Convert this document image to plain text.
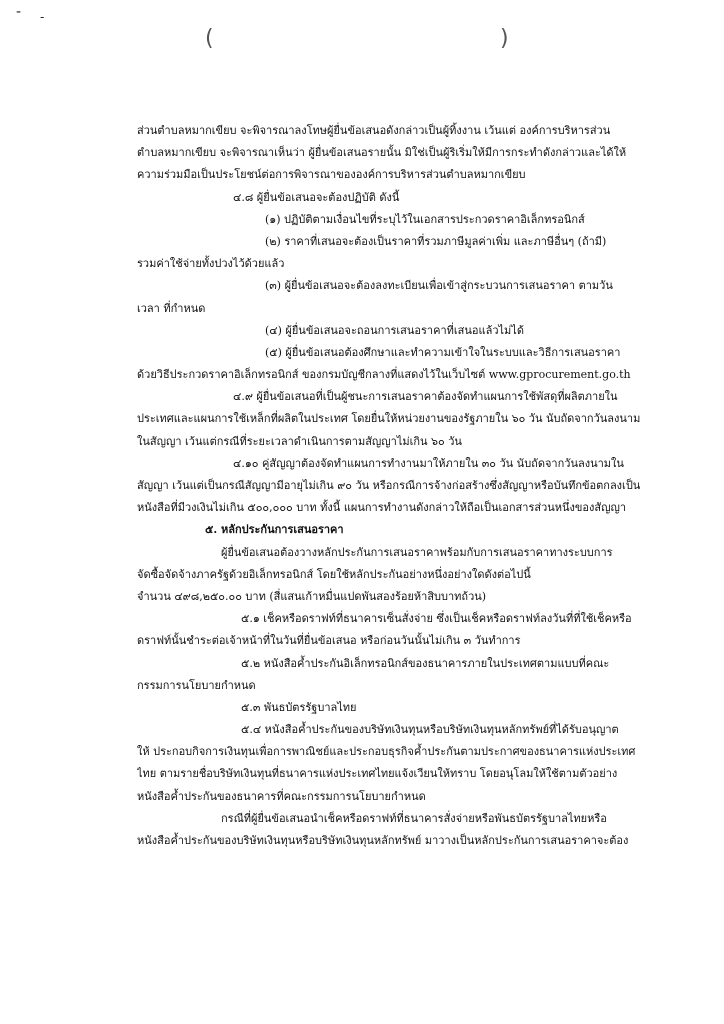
- -
(	)
ส่วนตำบลหมากเขียบ จะพิจารณาลงโทษผู้ยื่นข้อเสนอดังกล่าวเป็นผู้ทิ้งงาน เว้นแต่ องค์การบริหารส่วน
ตำบลหมากเขียบ จะพิจารณาเห็นว่า ผู้ยื่นข้อเสนอรายนั้น มิใช่เป็นผู้ริเริ่มให้มีการกระทำดังกล่าวและได้ให้
ความร่วมมือเป็นประโยชน์ต่อการพิจารณาขององค์การบริหารส่วนตำบลหมากเขียบ
๔.๘ ผู้ยื่นข้อเสนอจะต้องปฏิบัติ ดังนี้
(๑) ปฏิบัติตามเงื่อนไขที่ระบุไว้ในเอกสารประกวดราคาอิเล็กทรอนิกส์
(๒) ราคาที่เสนอจะต้องเป็นราคาที่รวมภาษีมูลค่าเพิ่ม และภาษีอื่นๆ (ถ้ามี)
รวมค่าใช้จ่ายทั้งปวงไว้ด้วยแล้ว
(๓) ผู้ยื่นข้อเสนอจะต้องลงทะเบียนเพื่อเข้าสู่กระบวนการเสนอราคา ตามวัน
เวลา ที่กำหนด
(๔) ผู้ยื่นข้อเสนอจะถอนการเสนอราคาที่เสนอแล้วไม่ได้
(๕) ผู้ยื่นข้อเสนอต้องศึกษาและทำความเข้าใจในระบบและวิธีการเสนอราคา
ด้วยวิธีประกวดราคาอิเล็กทรอนิกส์ ของกรมบัญชีกลางที่แสดงไว้ในเว็บไซต์ www.gprocurement.go.th
๔.๙ ผู้ยื่นข้อเสนอที่เป็นผู้ชนะการเสนอราคาต้องจัดทำแผนการใช้พัสดุที่ผลิตภายใน
ประเทศและแผนการใช้เหล็กที่ผลิตในประเทศ โดยยื่นให้หน่วยงานของรัฐภายใน ๖๐ วัน นับถัดจากวันลงนาม
ในสัญญา เว้นแต่กรณีที่ระยะเวลาดำเนินการตามสัญญาไม่เกิน ๖๐ วัน
๔.๑๐ คู่สัญญาต้องจัดทำแผนการทำงานมาให้ภายใน ๓๐ วัน นับถัดจากวันลงนามใน
สัญญา เว้นแต่เป็นกรณีสัญญามีอายุไม่เกิน ๙๐ วัน หรือกรณีการจ้างก่อสร้างซึ่งสัญญาหรือบันทึกข้อตกลงเป็น
หนังสือที่มีวงเงินไม่เกิน ๕๐๐,๐๐๐ บาท ทั้งนี้ แผนการทำงานดังกล่าวให้ถือเป็นเอกสารส่วนหนึ่งของสัญญา
๕. หลักประกันการเสนอราคา
ผู้ยื่นข้อเสนอต้องวางหลักประกันการเสนอราคาพร้อมกับการเสนอราคาทางระบบการ
จัดซื้อจัดจ้างภาครัฐด้วยอิเล็กทรอนิกส์ โดยใช้หลักประกันอย่างหนึ่งอย่างใดดังต่อไปนี้
จำนวน ๔๙๘,๒๕๐.๐๐ บาท (สี่แสนเก้าหมื่นแปดพันสองร้อยห้าสิบบาทถ้วน)
๕.๑ เช็คหรือดราฟท์ที่ธนาคารเซ็นสั่งจ่าย ซึ่งเป็นเช็คหรือดราฟท์ลงวันที่ที่ใช้เช็คหรือ
ดราฟท์นั้นชำระต่อเจ้าหน้าที่ในวันที่ยื่นข้อเสนอ หรือก่อนวันนั้นไม่เกิน ๓ วันทำการ
๕.๒ หนังสือค้ำประกันอิเล็กทรอนิกส์ของธนาคารภายในประเทศตามแบบที่คณะ
กรรมการนโยบายกำหนด
๕.๓ พันธบัตรรัฐบาลไทย
๕.๔ หนังสือค้ำประกันของบริษัทเงินทุนหรือบริษัทเงินทุนหลักทรัพย์ที่ได้รับอนุญาต
ให้ ประกอบกิจการเงินทุนเพื่อการพาณิชย์และประกอบธุรกิจค้ำประกันตามประกาศของธนาคารแห่งประเทศ
ไทย ตามรายชื่อบริษัทเงินทุนที่ธนาคารแห่งประเทศไทยแจ้งเวียนให้ทราบ โดยอนุโลมให้ใช้ตามตัวอย่าง
หนังสือค้ำประกันของธนาคารที่คณะกรรมการนโยบายกำหนด
กรณีที่ผู้ยื่นข้อเสนอนำเช็คหรือดราฟท์ที่ธนาคารสั่งจ่ายหรือพันธบัตรรัฐบาลไทยหรือ
หนังสือค้ำประกันของบริษัทเงินทุนหรือบริษัทเงินทุนหลักทรัพย์ มาวางเป็นหลักประกันการเสนอราคาจะต้อง
